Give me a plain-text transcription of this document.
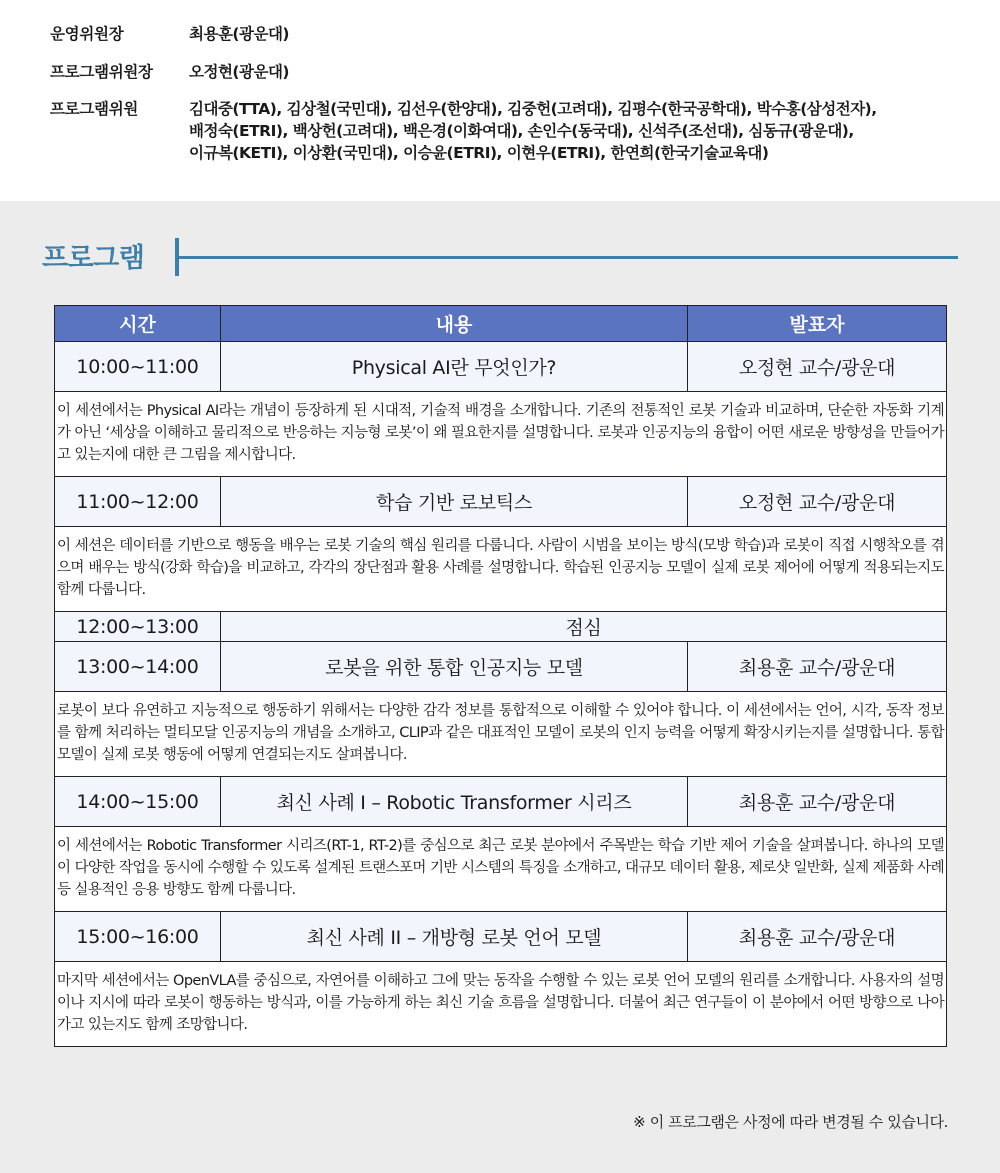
운영위원장	최용훈(광운대)
프로그램위원장	오정현(광운대)
프로그램위원	김대중(TTA), 김상철(국민대), 김선우(한양대), 김중헌(고려대), 김평수(한국공학대), 박수홍(삼성전자),
배정숙(ETRI), 백상헌(고려대), 백은경(이화여대), 손인수(동국대), 신석주(조선대), 심동규(광운대),
이규복(KETI), 이상환(국민대), 이승윤(ETRI), 이현우(ETRI), 한연희(한국기술교육대)
프로그램
시간	내용	발표자
10:00~11:00	Physical AI란 무엇인가?	오정현 교수/광운대
이 세션에서는 Physical AI라는 개념이 등장하게 된 시대적, 기술적 배경을 소개합니다. 기존의 전통적인 로봇 기술과 비교하며, 단순한 자동화 기계가 아닌 ‘세상을 이해하고 물리적으로 반응하는 지능형 로봇’이 왜 필요한지를 설명합니다. 로봇과 인공지능의 융합이 어떤 새로운 방향성을 만들어가고 있는지에 대한 큰 그림을 제시합니다.		
11:00~12:00	학습 기반 로보틱스	오정현 교수/광운대
이 세션은 데이터를 기반으로 행동을 배우는 로봇 기술의 핵심 원리를 다룹니다. 사람이 시범을 보이는 방식(모방 학습)과 로봇이 직접 시행착오를 겪으며 배우는 방식(강화 학습)을 비교하고, 각각의 장단점과 활용 사례를 설명합니다. 학습된 인공지능 모델이 실제 로봇 제어에 어떻게 적용되는지도 함께 다룹니다.		
12:00~13:00	점심	
13:00~14:00	로봇을 위한 통합 인공지능 모델	최용훈 교수/광운대
로봇이 보다 유연하고 지능적으로 행동하기 위해서는 다양한 감각 정보를 통합적으로 이해할 수 있어야 합니다. 이 세션에서는 언어, 시각, 동작 정보를 함께 처리하는 멀티모달 인공지능의 개념을 소개하고, CLIP과 같은 대표적인 모델이 로봇의 인지 능력을 어떻게 확장시키는지를 설명합니다. 통합 모델이 실제 로봇 행동에 어떻게 연결되는지도 살펴봅니다.		
14:00~15:00	최신 사례 I – Robotic Transformer 시리즈	최용훈 교수/광운대
이 세션에서는 Robotic Transformer 시리즈(RT-1, RT-2)를 중심으로 최근 로봇 분야에서 주목받는 학습 기반 제어 기술을 살펴봅니다. 하나의 모델이 다양한 작업을 동시에 수행할 수 있도록 설계된 트랜스포머 기반 시스템의 특징을 소개하고, 대규모 데이터 활용, 제로샷 일반화, 실제 제품화 사례 등 실용적인 응용 방향도 함께 다룹니다.		
15:00~16:00	최신 사례 II – 개방형 로봇 언어 모델	최용훈 교수/광운대
마지막 세션에서는 OpenVLA를 중심으로, 자연어를 이해하고 그에 맞는 동작을 수행할 수 있는 로봇 언어 모델의 원리를 소개합니다. 사용자의 설명이나 지시에 따라 로봇이 행동하는 방식과, 이를 가능하게 하는 최신 기술 흐름을 설명합니다. 더불어 최근 연구들이 이 분야에서 어떤 방향으로 나아가고 있는지도 함께 조망합니다.		
※ 이 프로그램은 사정에 따라 변경될 수 있습니다.
